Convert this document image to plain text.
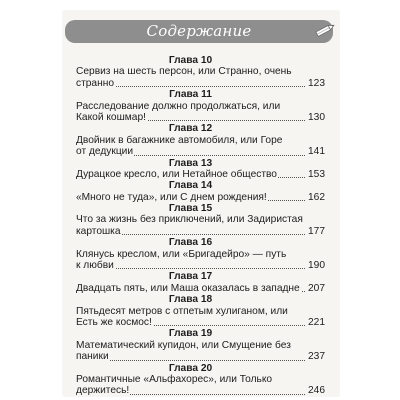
Содержание
Глава 10
Сервиз на шесть персон, или Странно, очень
странно	123
Глава 11
Расследование должно продолжаться, или
Какой кошмар!	130
Глава 12
Двойник в багажнике автомобиля, или Горе
от дедукции	141
Глава 13
Дурацкое кресло, или Нетайное общество	153
Глава 14
«Много не туда», или С днем рождения!	162
Глава 15
Что за жизнь без приключений, или Задиристая
картошка	177
Глава 16
Клянусь креслом, или «Бригадейро» — путь
к любви	190
Глава 17
Двадцать пять, или Маша оказалась в западне 207
Глава 18
Пятьдесят метров с отпетым хулиганом, или
Есть же космос!	221
Глава 19
Математический купидон, или Смущение без
паники	237
Глава 20
Романтичные «Альфахорес», или Только
держитесь!	246
